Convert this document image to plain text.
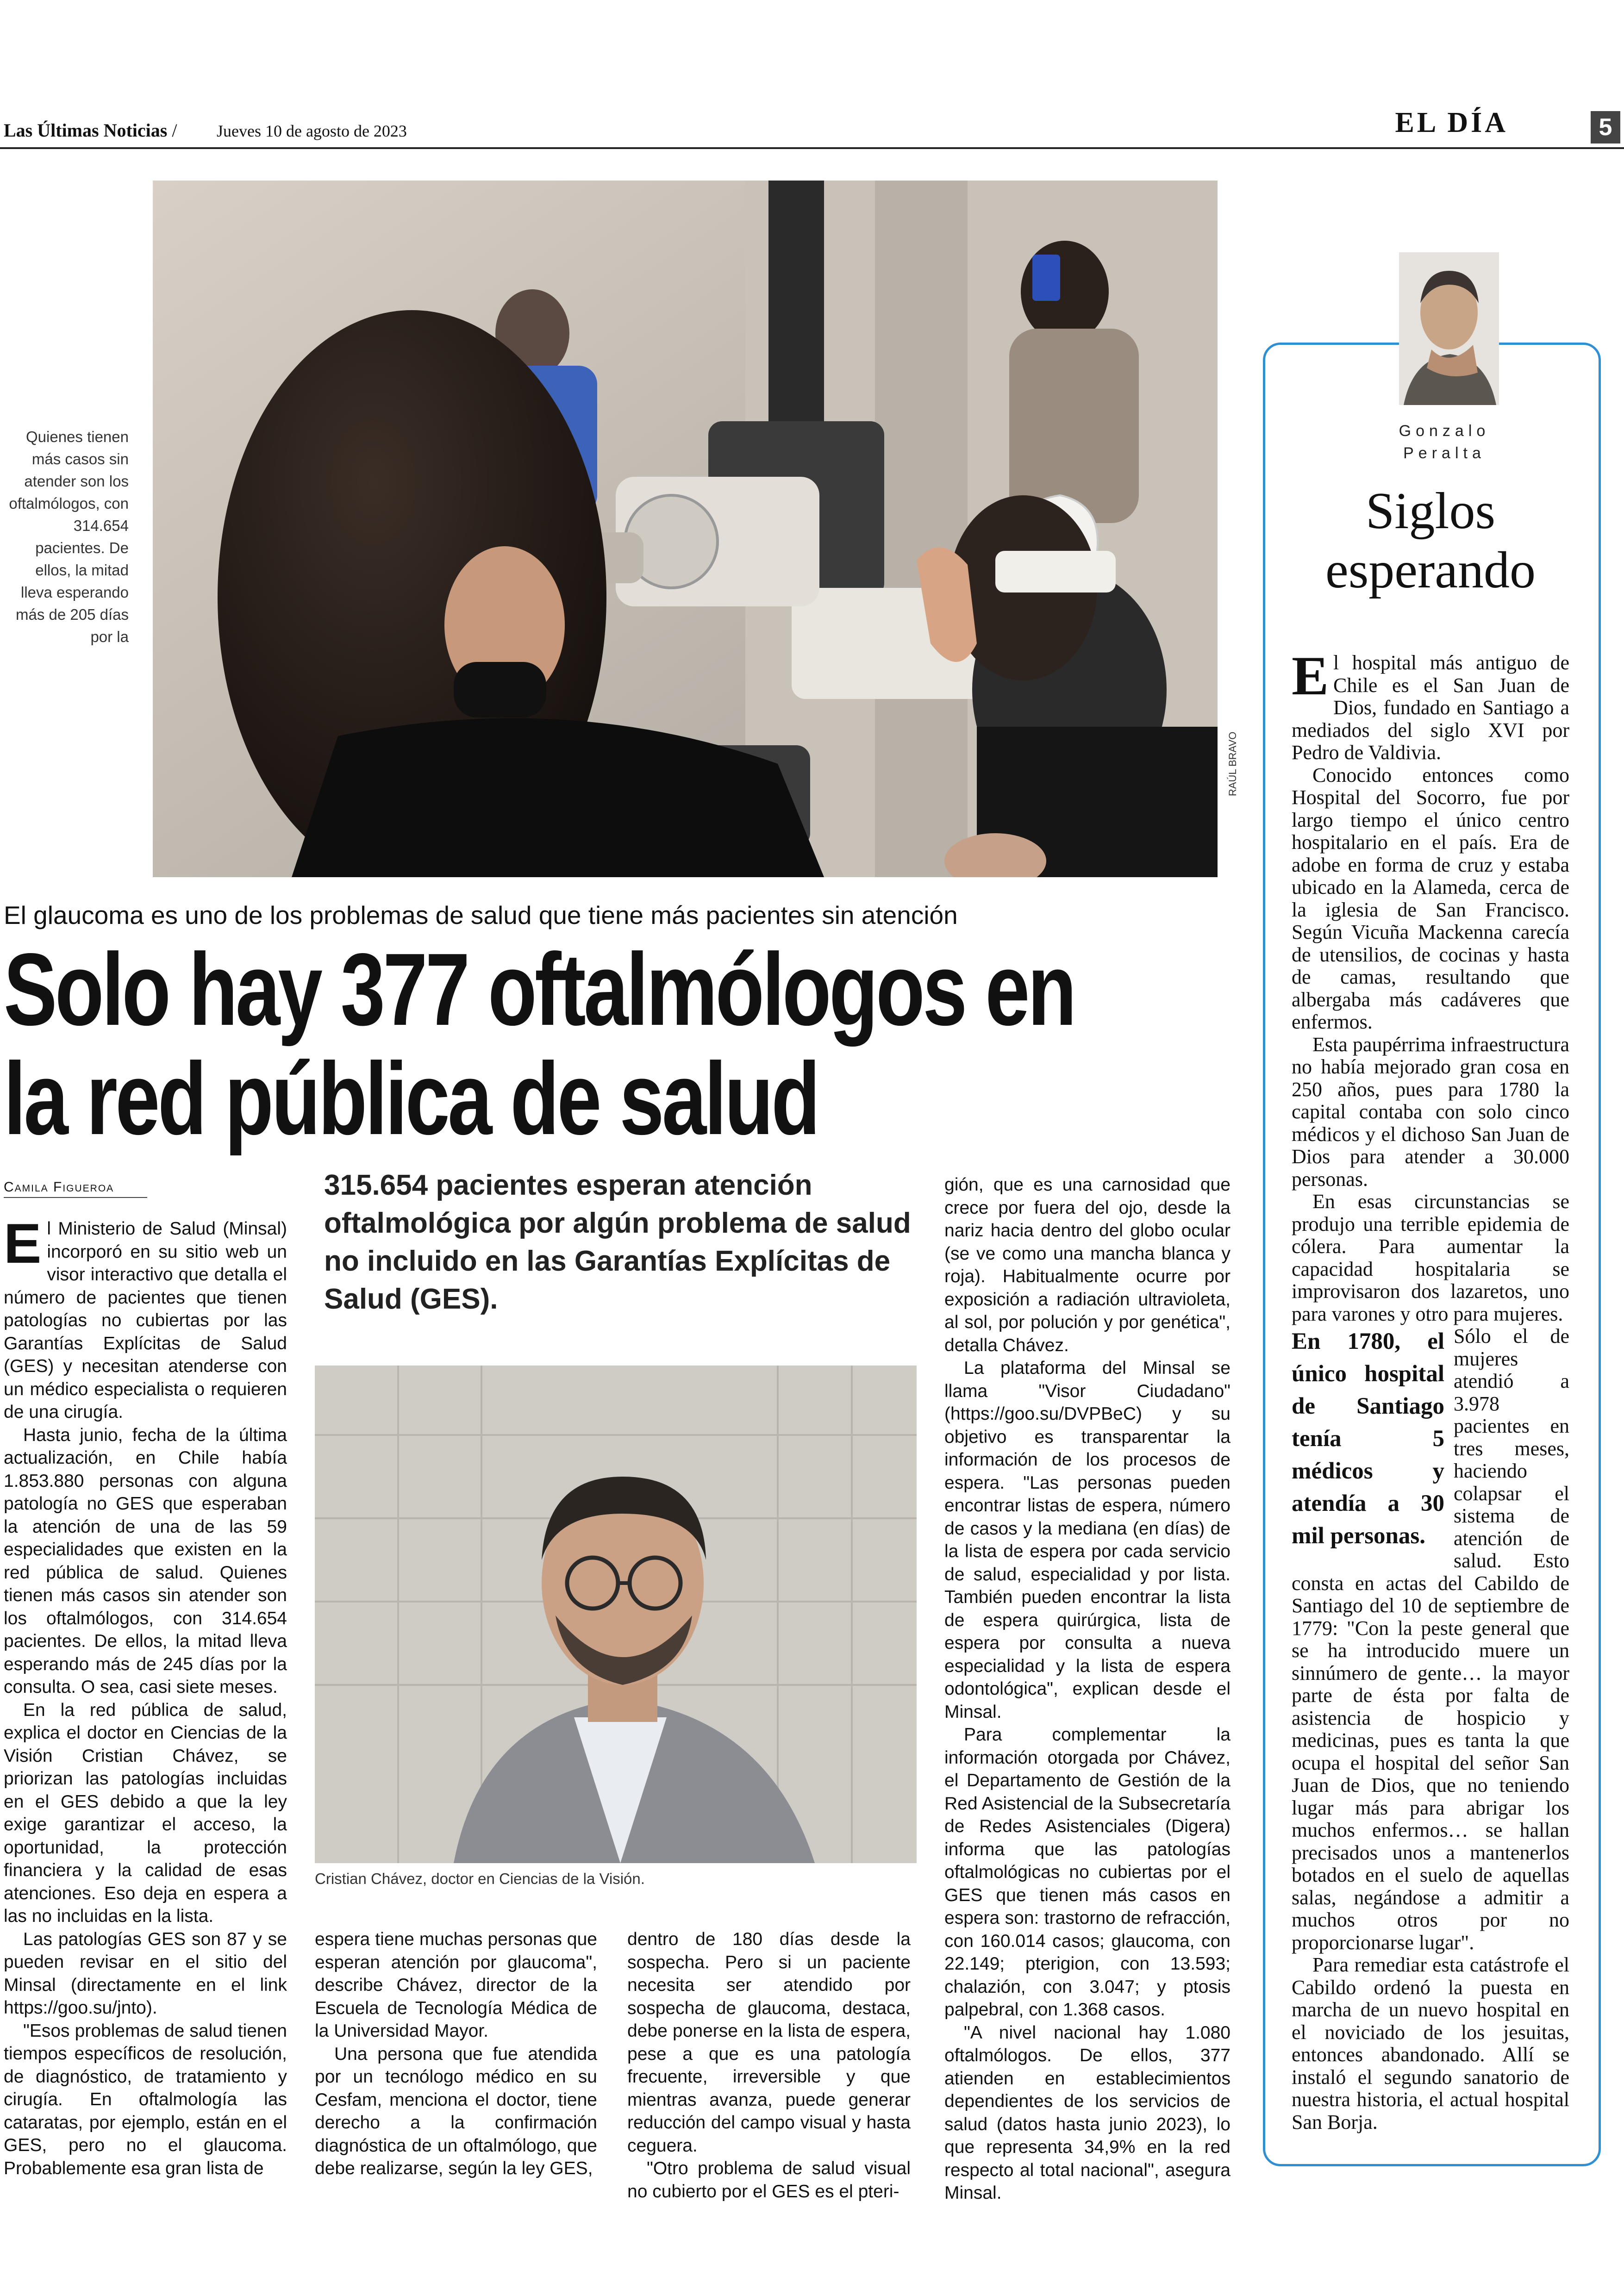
Las Últimas Noticias / Jueves 10 de agosto de 2023	EL DÍA	5
RAÚL BRAVO
Quienes tienen más casos sin atender son los oftalmólogos, con 314.654 pacientes. De ellos, la mitad lleva esperando más de 205 días por la
El glaucoma es uno de los problemas de salud que tiene más pacientes sin atención
Solo hay 377 oftalmólogos en
la red pública de salud
Camila Figueroa

El Ministerio de Salud (Minsal) incorporó en su sitio web un visor interactivo que detalla el número de pacientes que tienen patologías no cubiertas por las Garantías Explícitas de Salud (GES) y necesitan atenderse con un médico especialista o requieren de una cirugía.

Hasta junio, fecha de la última actualización, en Chile había 1.853.880 personas con alguna patología no GES que esperaban la atención de una de las 59 especialidades que existen en la red pública de salud. Quienes tienen más casos sin atender son los oftalmólogos, con 314.654 pacientes. De ellos, la mitad lleva esperando más de 245 días por la consulta. O sea, casi siete meses.

En la red pública de salud, explica el doctor en Ciencias de la Visión Cristian Chávez, se priorizan las patologías incluidas en el GES debido a que la ley exige garantizar el acceso, la oportunidad, la protección financiera y la calidad de esas atenciones. Eso deja en espera a las no incluidas en la lista.

Las patologías GES son 87 y se pueden revisar en el sitio del Minsal (directamente en el link https://goo.su/jnto).

"Esos problemas de salud tienen tiempos específicos de resolución, de diagnóstico, de tratamiento y cirugía. En oftalmología las cataratas, por ejemplo, están en el GES, pero no el glaucoma. Probablemente esa gran lista de

315.654 pacientes esperan atención oftalmológica por algún problema de salud no incluido en las Garantías Explícitas de Salud (GES).
Cristian Chávez, doctor en Ciencias de la Visión.

espera tiene muchas personas que esperan atención por glaucoma", describe Chávez, director de la Escuela de Tecnología Médica de la Universidad Mayor.

Una persona que fue atendida por un tecnólogo médico en su Cesfam, menciona el doctor, tiene derecho a la confirmación diagnóstica de un oftalmólogo, que debe realizarse, según la ley GES,

dentro de 180 días desde la sospecha. Pero si un paciente necesita ser atendido por sospecha de glaucoma, destaca, debe ponerse en la lista de espera, pese a que es una patología frecuente, irreversible y que mientras avanza, puede generar reducción del campo visual y hasta ceguera.

"Otro problema de salud visual no cubierto por el GES es el pteri-

gión, que es una carnosidad que crece por fuera del ojo, desde la nariz hacia dentro del globo ocular (se ve como una mancha blanca y roja). Habitualmente ocurre por exposición a radiación ultravioleta, al sol, por polución y por genética", detalla Chávez.

La plataforma del Minsal se llama "Visor Ciudadano" (https://goo.su/DVPBeC) y su objetivo es transparentar la información de los procesos de espera. "Las personas pueden encontrar listas de espera, número de casos y la mediana (en días) de la lista de espera por cada servicio de salud, especialidad y por lista. También pueden encontrar la lista de espera quirúrgica, lista de espera por consulta a nueva especialidad y la lista de espera odontológica", explican desde el Minsal.

Para complementar la información otorgada por Chávez, el Departamento de Gestión de la Red Asistencial de la Subsecretaría de Redes Asistenciales (Digera) informa que las patologías oftalmológicas no cubiertas por el GES que tienen más casos en espera son: trastorno de refracción, con 160.014 casos; glaucoma, con 22.149; pterigion, con 13.593; chalazión, con 3.047; y ptosis palpebral, con 1.368 casos.

"A nivel nacional hay 1.080 oftalmólogos. De ellos, 377 atienden en establecimientos dependientes de los servicios de salud (datos hasta junio 2023), lo que representa 34,9% en la red respecto al total nacional", asegura Minsal.

Gonzalo
Peralta
Siglos esperando

El hospital más antiguo de Chile es el San Juan de Dios, fundado en Santiago a mediados del siglo XVI por Pedro de Valdivia.

Conocido entonces como Hospital del Socorro, fue por largo tiempo el único centro hospitalario en el país. Era de adobe en forma de cruz y estaba ubicado en la Alameda, cerca de la iglesia de San Francisco. Según Vicuña Mackenna carecía de utensilios, de cocinas y hasta de camas, resultando que albergaba más cadáveres que enfermos.

Esta paupérrima infraestructura no había mejorado gran cosa en 250 años, pues para 1780 la capital contaba con solo cinco médicos y el dichoso San Juan de Dios para atender a 30.000 personas.

En esas circunstancias se produjo una terrible epidemia de cólera. Para aumentar la capacidad hospitalaria se improvisaron dos lazaretos, uno para varones y otro para mujeres.

En 1780, el único hospital de Santiago tenía 5 médicos y atendía a 30 mil personas.
Sólo el de mujeres atendió a 3.978 pacientes en tres meses, haciendo colapsar el sistema de atención de salud. Esto consta en actas del Cabildo de Santiago del 10 de septiembre de 1779: "Con la peste general que se ha introducido muere un sinnúmero de gente… la mayor parte de ésta por falta de asistencia de hospicio y medicinas, pues es tanta la que ocupa el hospital del señor San Juan de Dios, que no teniendo lugar más para abrigar los muchos enfermos… se hallan precisados unos a mantenerlos botados en el suelo de aquellas salas, negándose a admitir a muchos otros por no proporcionarse lugar".

Para remediar esta catástrofe el Cabildo ordenó la puesta en marcha de un nuevo hospital en el noviciado de los jesuitas, entonces abandonado. Allí se instaló el segundo sanatorio de nuestra historia, el actual hospital San Borja.
